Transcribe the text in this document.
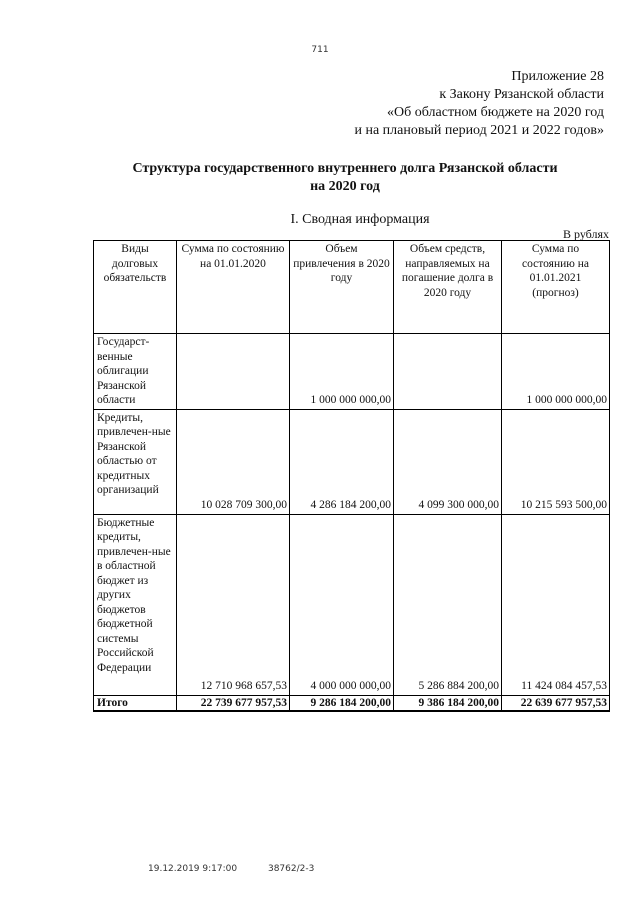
711
Приложение 28
к Закону Рязанской области
«Об областном бюджете на 2020 год
и на плановый период 2021 и 2022 годов»
Структура государственного внутреннего долга Рязанской области
на 2020 год
I. Сводная информация
В рублях
Виды долговых обязательств	Сумма по состоянию на 01.01.2020	Объем привлечения в 2020 году	Объем средств, направляемых на погашение долга в 2020 году	Сумма по состоянию на 01.01.2021 (прогноз)
Государст-венные облигации Рязанской области		1 000 000 000,00		1 000 000 000,00
Кредиты, привлечен-ные Рязанской областью от кредитных организаций	10 028 709 300,00	4 286 184 200,00	4 099 300 000,00	10 215 593 500,00
Бюджетные кредиты, привлечен-ные в областной бюджет из других бюджетов бюджетной системы Российской Федерации	12 710 968 657,53	4 000 000 000,00	5 286 884 200,00	11 424 084 457,53
Итого	22 739 677 957,53	9 286 184 200,00	9 386 184 200,00	22 639 677 957,53
19.12.2019 9:17:00	38762/2-3
